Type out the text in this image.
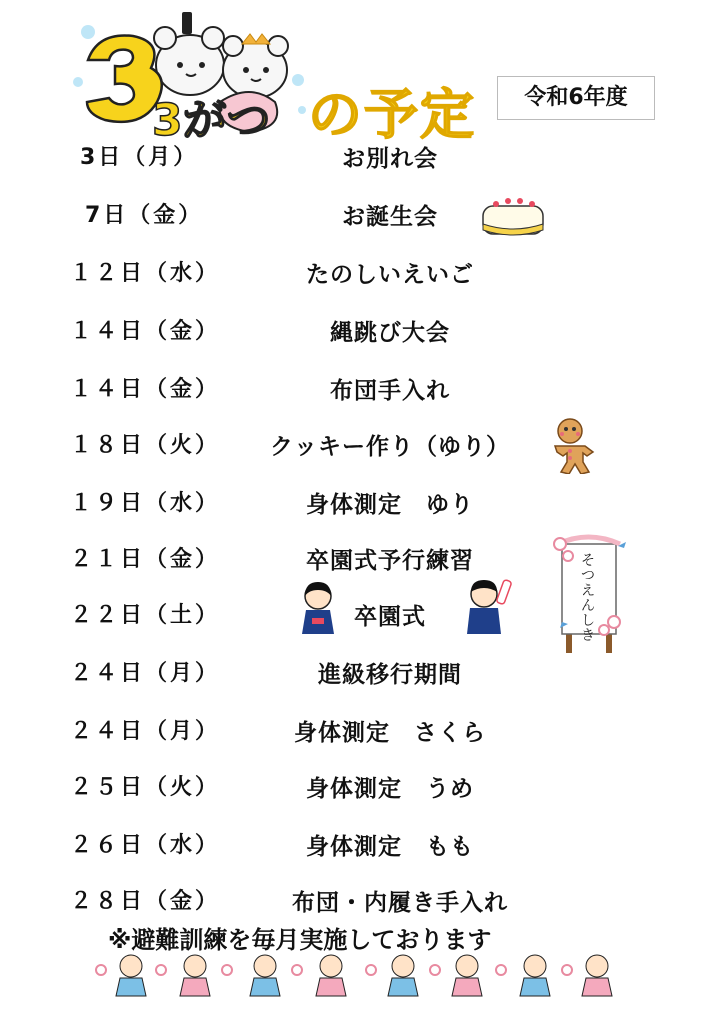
3がつ の予定	令和6年度
3日（月）	お別れ会
7日（金）	お誕生会
１２日（水）	たのしいえいご
１４日（金）	縄跳び大会
１４日（金）	布団手入れ
１８日（火）	クッキー作り（ゆり）
１９日（水）	身体測定　ゆり
２１日（金）	卒園式予行練習
２２日（土）	卒園式
２４日（月）	進級移行期間
２４日（月）	身体測定　さくら
２５日（火）	身体測定　うめ
２６日（水）	身体測定　もも
２８日（金）	布団・内履き手入れ
そつえんしき
※避難訓練を毎月実施しております
